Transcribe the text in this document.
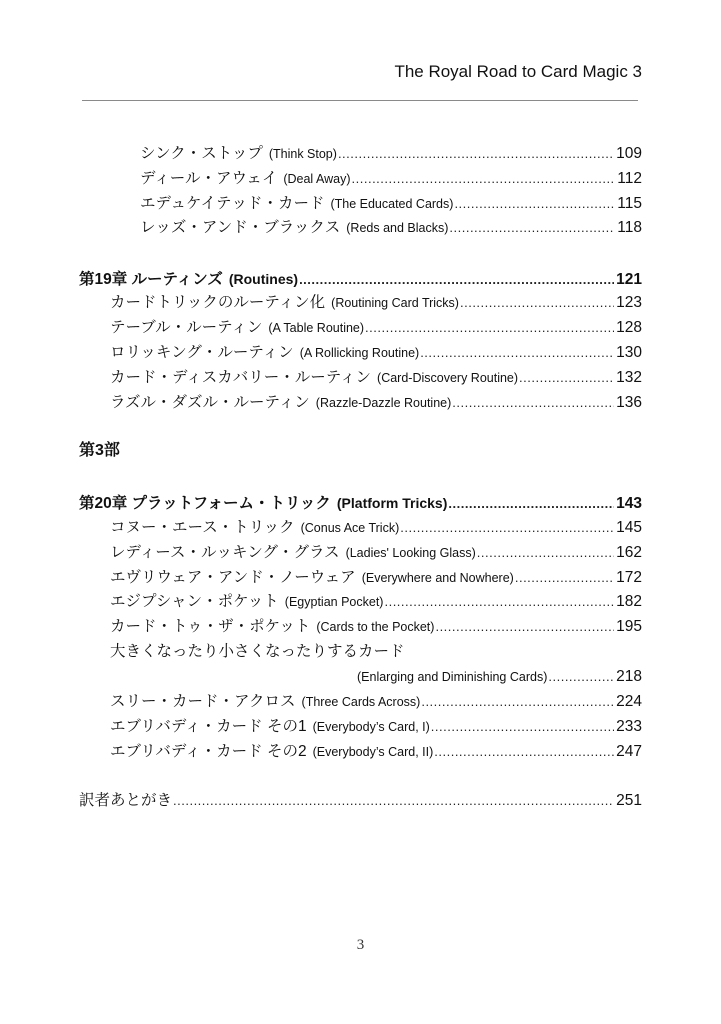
The Royal Road to Card Magic 3
シンク・ストップ (Think Stop) .....	109
ディール・アウェイ (Deal Away) .....	112
エデュケイテッド・カード (The Educated Cards) .....	115
レッズ・アンド・ブラックス (Reds and Blacks) .....	118
第19章 ルーティンズ (Routines) .....	121
カードトリックのルーティン化 (Routining Card Tricks) .....	123
テーブル・ルーティン (A Table Routine) .....	128
ロリッキング・ルーティン (A Rollicking Routine) .....	130
カード・ディスカバリー・ルーティン (Card-Discovery Routine) .....	132
ラズル・ダズル・ルーティン (Razzle-Dazzle Routine) .....	136
第3部
第20章 プラットフォーム・トリック (Platform Tricks) .....	143
コヌー・エース・トリック (Conus Ace Trick) .....	145
レディース・ルッキング・グラス (Ladies' Looking Glass) .....	162
エヴリウェア・アンド・ノーウェア (Everywhere and Nowhere) .....	172
エジプシャン・ポケット (Egyptian Pocket) .....	182
カード・トゥ・ザ・ポケット (Cards to the Pocket) .....	195
大きくなったり小さくなったりするカード
(Enlarging and Diminishing Cards) .....	218
スリー・カード・アクロス (Three Cards Across) .....	224
エブリバディ・カード その1 (Everybody’s Card, I) .....	233
エブリバディ・カード その2 (Everybody’s Card, II) .....	247
訳者あとがき .....	251
3
